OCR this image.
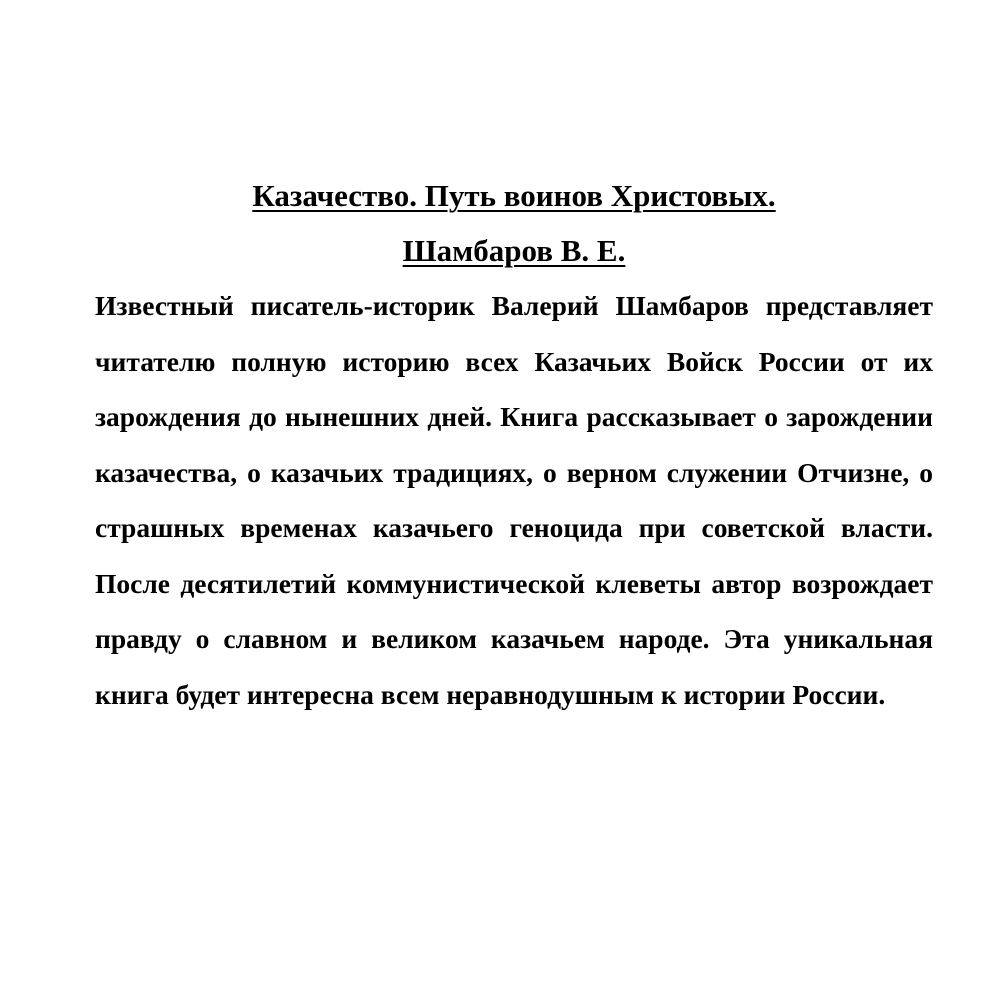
Казачество. Путь воинов Христовых.
Шамбаров В. Е.

Известный писатель-историк Валерий Шамбаров представляет читателю полную историю всех Казачьих Войск России от их зарождения до нынешних дней. Книга рассказывает о зарождении казачества, о казачьих традициях, о верном служении Отчизне, о страшных временах казачьего геноцида при советской власти. После десятилетий коммунистической клеветы автор возрождает правду о славном и великом казачьем народе. Эта уникальная книга будет интересна всем неравнодушным к истории России.
